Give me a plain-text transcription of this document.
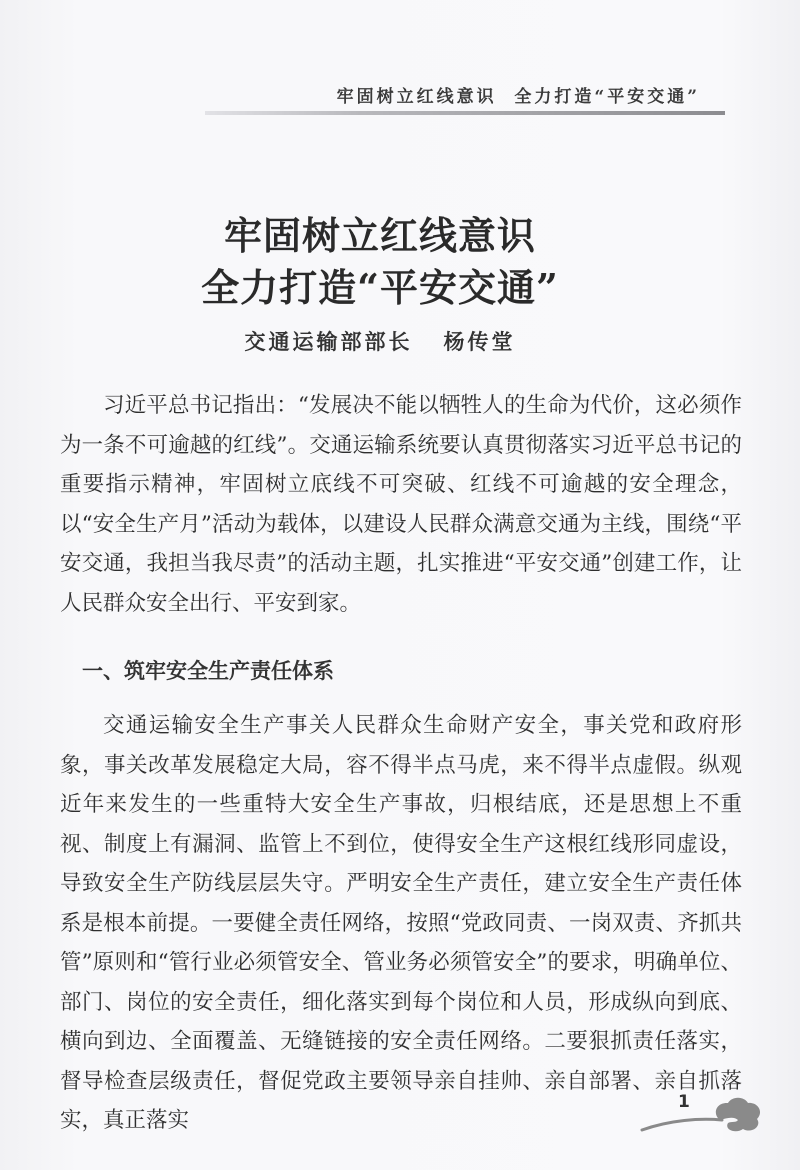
牢固树立红线意识  全力打造“平安交通”
牢固树立红线意识
全力打造“平安交通”
交通运输部部长   杨传堂

习近平总书记指出：“发展决不能以牺牲人的生命为代价，这必须作为一条不可逾越的红线”。交通运输系统要认真贯彻落实习近平总书记的重要指示精神，牢固树立底线不可突破、红线不可逾越的安全理念，以“安全生产月”活动为载体，以建设人民群众满意交通为主线，围绕“平安交通，我担当我尽责”的活动主题，扎实推进“平安交通”创建工作，让人民群众安全出行、平安到家。

一、筑牢安全生产责任体系

交通运输安全生产事关人民群众生命财产安全，事关党和政府形象，事关改革发展稳定大局，容不得半点马虎，来不得半点虚假。纵观近年来发生的一些重特大安全生产事故，归根结底，还是思想上不重视、制度上有漏洞、监管上不到位，使得安全生产这根红线形同虚设，导致安全生产防线层层失守。严明安全生产责任，建立安全生产责任体系是根本前提。一要健全责任网络，按照“党政同责、一岗双责、齐抓共管”原则和“管行业必须管安全、管业务必须管安全”的要求，明确单位、部门、岗位的安全责任，细化落实到每个岗位和人员，形成纵向到底、横向到边、全面覆盖、无缝链接的安全责任网络。二要狠抓责任落实，督导检查层级责任，督促党政主要领导亲自挂帅、亲自部署、亲自抓落实，真正落实

1
